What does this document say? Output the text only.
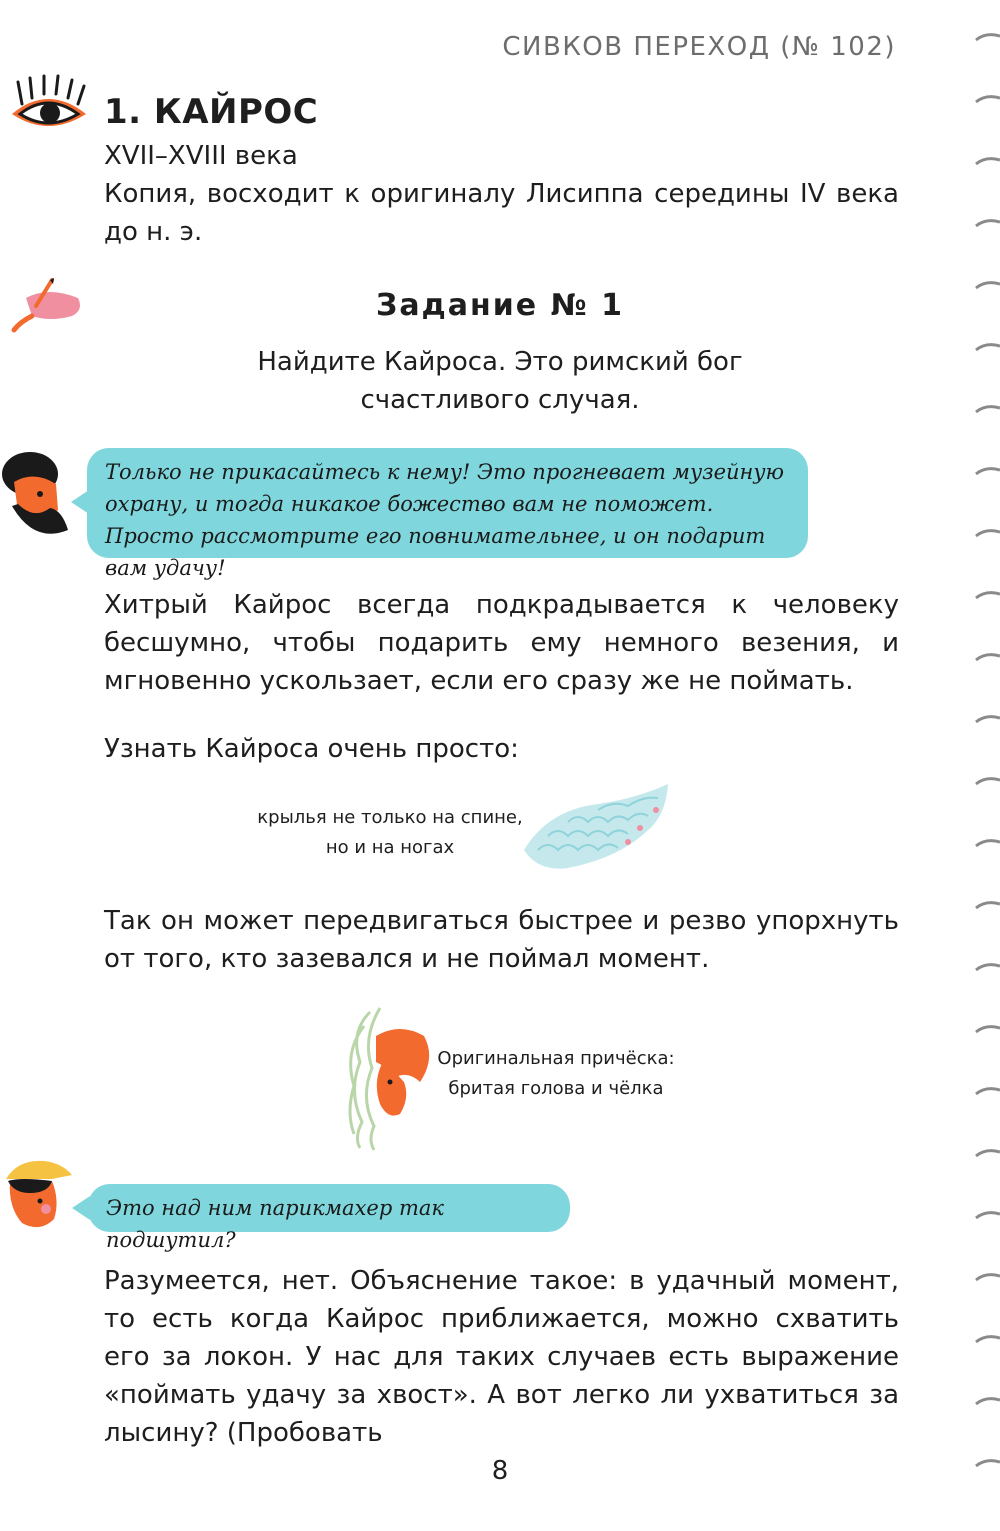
СИВКОВ ПЕРЕХОД (№ 102)
1. КАЙРОС

XVII–XVIII века

Копия, восходит к оригиналу Лисиппа середины IV века до н. э.

Задание № 1

Найдите Кайроса. Это римский бог счастливого случая.

Только не прикасайтесь к нему! Это прогневает музейную охрану, и тогда никакое божество вам не поможет. Просто рассмотрите его повнимательнее, и он подарит вам удачу!

Хитрый Кайрос всегда подкрадывается к человеку бесшумно, чтобы подарить ему немного везения, и мгновенно ускользает, если его сразу же не поймать.

Узнать Кайроса очень просто:

крылья не только на спине,
но и на ногах

Так он может передвигаться быстрее и резво упорхнуть от того, кто зазевался и не поймал момент.

Оригинальная причёска:
бритая голова и чёлка
Это над ним парикмахер так подшутил?

Разумеется, нет. Объяснение такое: в удачный момент, то есть когда Кайрос приближается, можно схватить его за локон. У нас для таких случаев есть выражение «поймать удачу за хвост». А вот легко ли ухватиться за лысину? (Пробовать

8
